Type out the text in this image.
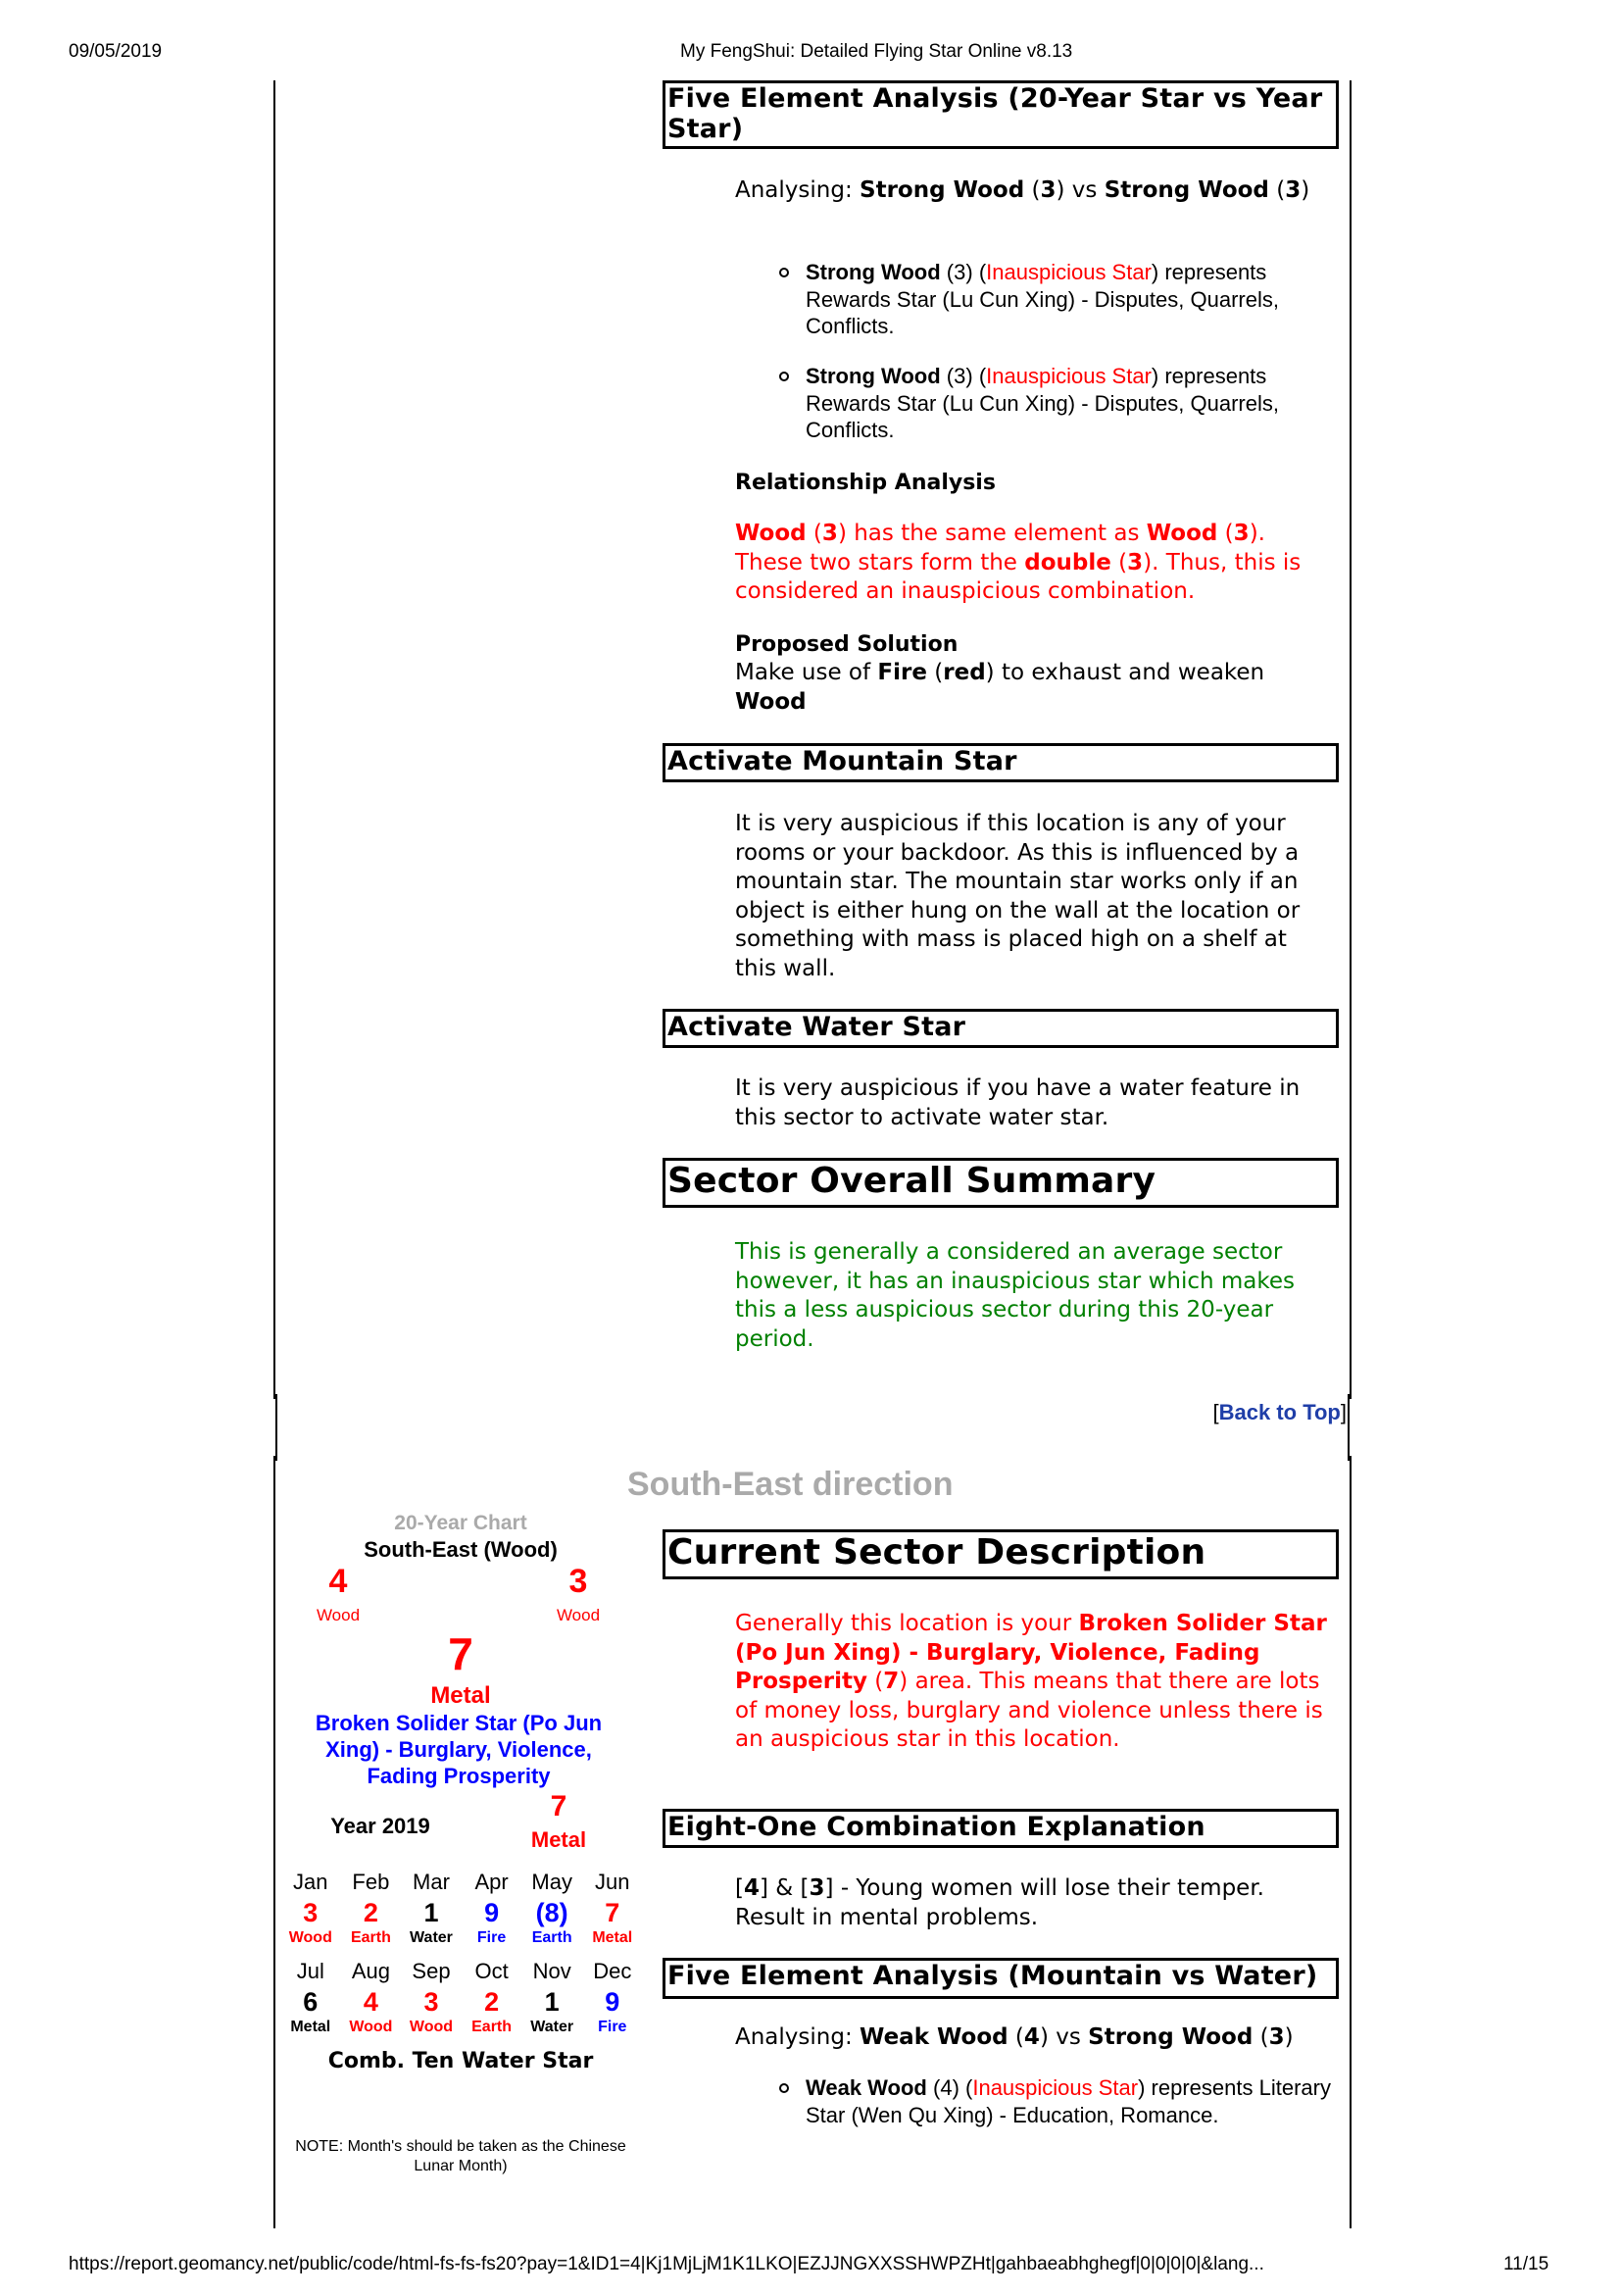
09/05/2019	My FengShui: Detailed Flying Star Online v8.13
Five Element Analysis (20-Year Star vs Year Star)
Analysing: Strong Wood (3) vs Strong Wood (3)
Strong Wood (3) (Inauspicious Star) represents Rewards Star (Lu Cun Xing) - Disputes, Quarrels, Conflicts.
Strong Wood (3) (Inauspicious Star) represents Rewards Star (Lu Cun Xing) - Disputes, Quarrels, Conflicts.
Relationship Analysis
Wood (3) has the same element as Wood (3). These two stars form the double (3). Thus, this is considered an inauspicious combination.
Proposed Solution
Make use of Fire (red) to exhaust and weaken Wood
Activate Mountain Star
It is very auspicious if this location is any of your rooms or your backdoor. As this is influenced by a mountain star. The mountain star works only if an object is either hung on the wall at the location or something with mass is placed high on a shelf at this wall.
Activate Water Star
It is very auspicious if you have a water feature in this sector to activate water star.
Sector Overall Summary
This is generally a considered an average sector however, it has an inauspicious star which makes this a less auspicious sector during this 20-year period.
[Back to Top]
South-East direction
20-Year Chart
South-East (Wood)
4
Wood
3
Wood
7
Metal
Broken Solider Star (Po Jun Xing) - Burglary, Violence, Fading Prosperity
Year 2019
7
Metal
Jan	Feb	Mar	Apr	May	Jun
3	2	1	9	(8)	7
Wood	Earth	Water	Fire	Earth	Metal
Jul	Aug	Sep	Oct	Nov	Dec
6	4	3	2	1	9
Metal	Wood	Wood	Earth	Water	Fire
Comb. Ten Water Star
NOTE: Month's should be taken as the Chinese Lunar Month)
Current Sector Description
Generally this location is your Broken Solider Star (Po Jun Xing) - Burglary, Violence, Fading Prosperity (7) area. This means that there are lots of money loss, burglary and violence unless there is an auspicious star in this location.
Eight-One Combination Explanation
[4] & [3] - Young women will lose their temper. Result in mental problems.
Five Element Analysis (Mountain vs Water)
Analysing: Weak Wood (4) vs Strong Wood (3)
Weak Wood (4) (Inauspicious Star) represents Literary Star (Wen Qu Xing) - Education, Romance.
https://report.geomancy.net/public/code/html-fs-fs-fs20?pay=1&ID1=4|Kj1MjLjM1K1LKO|EZJJNGXXSSHWPZHt|gahbaeabhghegf|0|0|0|0|&lang...	11/15
